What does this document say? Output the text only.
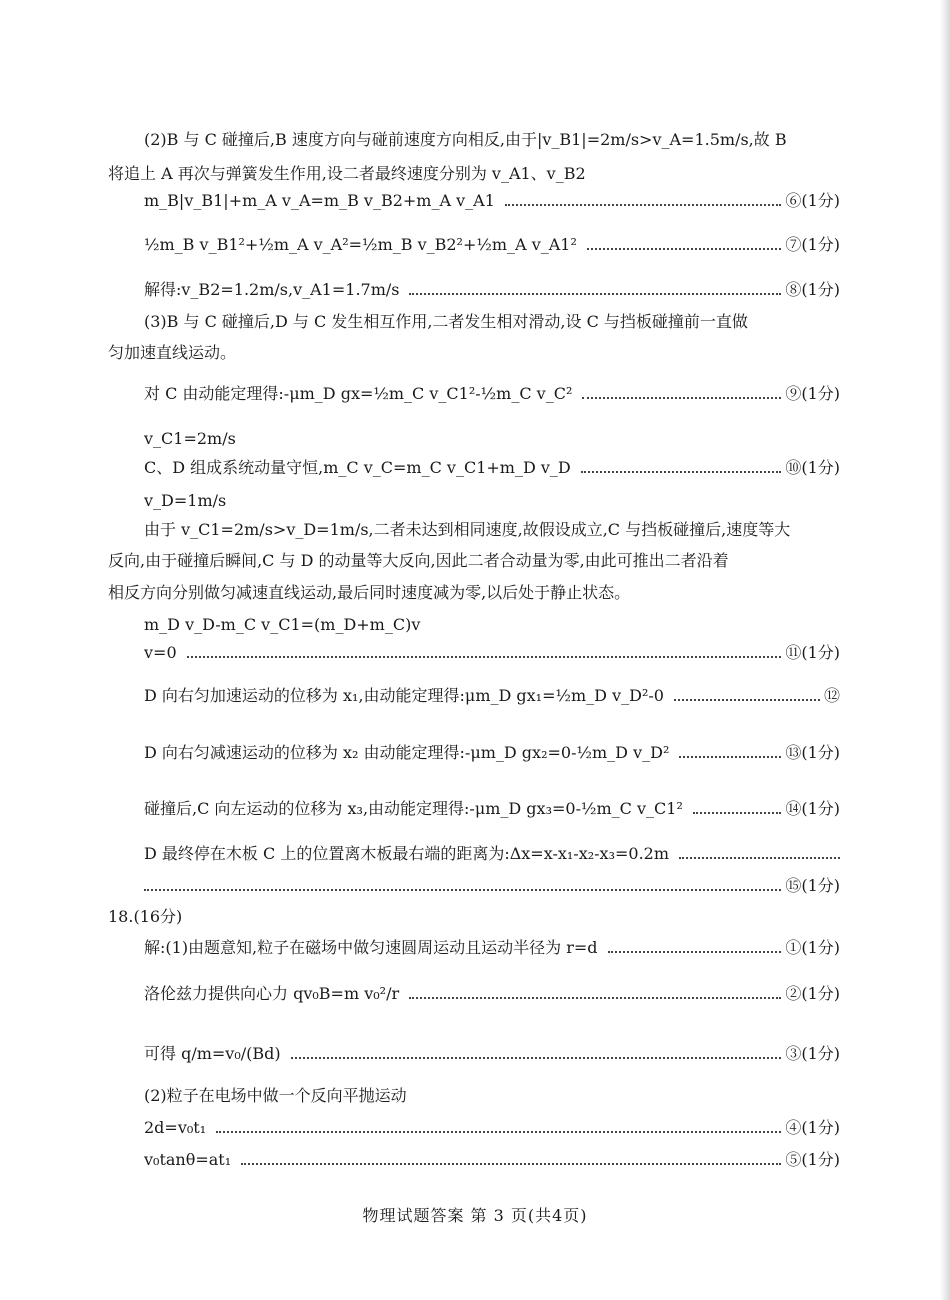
(2)B 与 C 碰撞后,B 速度方向与碰前速度方向相反,由于|v_B1|=2m/s>v_A=1.5m/s,故 B
将追上 A 再次与弹簧发生作用,设二者最终速度分别为 v_A1、v_B2
m_B|v_B1|+m_A v_A=m_B v_B2+m_A v_A1	⑥(1分)
½m_B v_B1²+½m_A v_A²=½m_B v_B2²+½m_A v_A1²	⑦(1分)
解得:v_B2=1.2m/s,v_A1=1.7m/s	⑧(1分)
(3)B 与 C 碰撞后,D 与 C 发生相互作用,二者发生相对滑动,设 C 与挡板碰撞前一直做
匀加速直线运动。
对 C 由动能定理得:-μm_D gx=½m_C v_C1²-½m_C v_C²	⑨(1分)
v_C1=2m/s
C、D 组成系统动量守恒,m_C v_C=m_C v_C1+m_D v_D	⑩(1分)
v_D=1m/s
由于 v_C1=2m/s>v_D=1m/s,二者未达到相同速度,故假设成立,C 与挡板碰撞后,速度等大
反向,由于碰撞后瞬间,C 与 D 的动量等大反向,因此二者合动量为零,由此可推出二者沿着
相反方向分别做匀减速直线运动,最后同时速度减为零,以后处于静止状态。
m_D v_D-m_C v_C1=(m_D+m_C)v
v=0	⑪(1分)
D 向右匀加速运动的位移为 x₁,由动能定理得:μm_D gx₁=½m_D v_D²-0	⑫
D 向右匀减速运动的位移为 x₂ 由动能定理得:-μm_D gx₂=0-½m_D v_D²	⑬(1分)
碰撞后,C 向左运动的位移为 x₃,由动能定理得:-μm_D gx₃=0-½m_C v_C1²	⑭(1分)
D 最终停在木板 C 上的位置离木板最右端的距离为:Δx=x-x₁-x₂-x₃=0.2m
⑮(1分)
18.(16分)
解:(1)由题意知,粒子在磁场中做匀速圆周运动且运动半径为 r=d	①(1分)
洛伦兹力提供向心力 qv₀B=m v₀²/r	②(1分)
可得 q/m=v₀/(Bd)	③(1分)
(2)粒子在电场中做一个反向平抛运动
2d=v₀t₁	④(1分)
v₀tanθ=at₁	⑤(1分)
物理试题答案 第 3 页(共4页)
